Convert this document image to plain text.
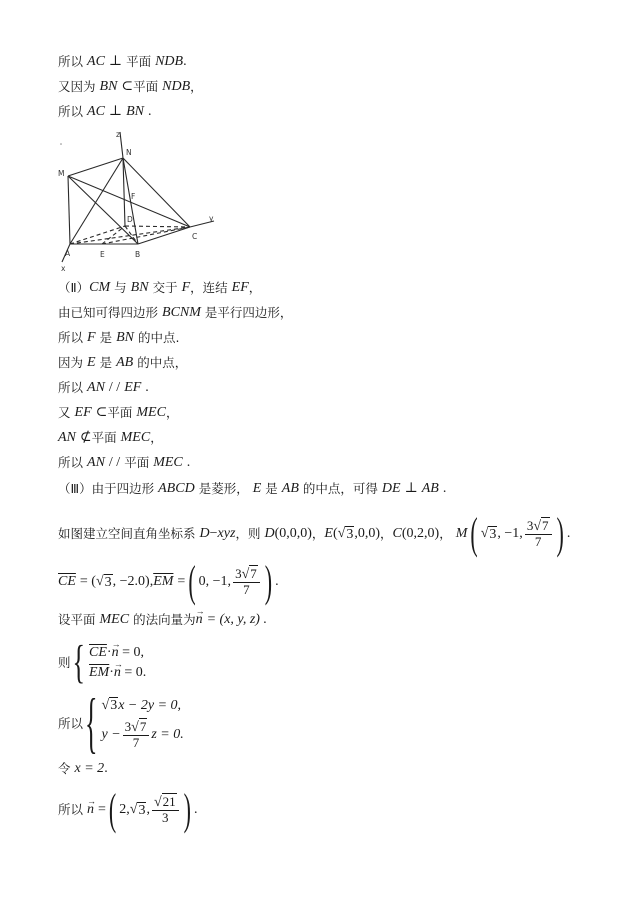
所以 AC ⊥ 平面 NDB .
又因为 BN ⊂ 平面 NDB ，
所以 AC ⊥ BN .
z
N
M
F
D	y
C
A	E	B
x
（Ⅱ） CM 与 BN 交于 F ，连结 EF ，
由已知可得四边形 BCNM 是平行四边形，
所以 F 是 BN 的中点.
因为 E 是 AB 的中点，
所以 AN / / EF .
又 EF ⊂ 平面 MEC ，
AN ⊄ 平面 MEC ，
所以 AN / / 平面 MEC .
（Ⅲ）由于四边形 ABCD 是菱形， E 是 AB 的中点，可得 DE ⊥ AB .
如图建立空间直角坐标系 D − xyz ，则 D (0,0,0) ， E ( √ 3 ,0,0) ， C (0,2,0) ， M ( √ 3 , −1, $\frac{3√7}{7}$ ) .
$\overline{CE}$ = ( √ 3 , −2.0), $\overline{EM}$ = ( 0, −1, $\frac{3√7}{7}$ ) .
设平面 MEC 的法向量为 → n = (x, y, z) .
则 { $\overline{CE}\cdot\to n = 0$,
$\overline{EM}\cdot\to n = 0$.
所以 { √3x − 2y = 0,
$y - \frac{3√7}{7}$ z = 0.
令 x = 2 .
所以 → n = ( 2, √ 3 , $\frac{√21}{3}$ ) .
